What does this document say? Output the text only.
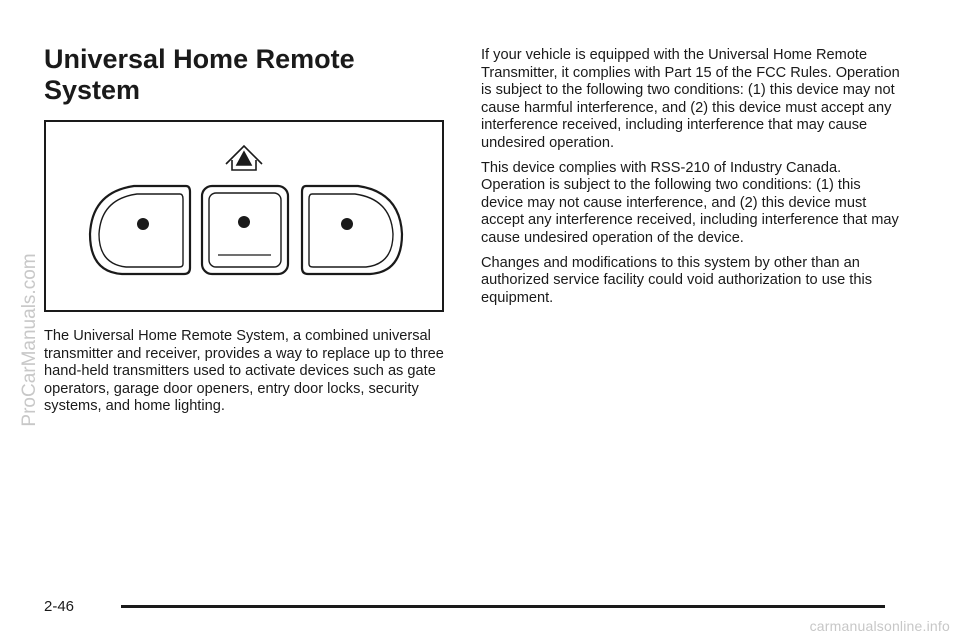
Universal Home Remote System

The Universal Home Remote System, a combined universal transmitter and receiver, provides a way to replace up to three hand-held transmitters used to activate devices such as gate operators, garage door openers, entry door locks, security systems, and home lighting.

If your vehicle is equipped with the Universal Home Remote Transmitter, it complies with Part 15 of the FCC Rules. Operation is subject to the following two conditions: (1) this device may not cause harmful interference, and (2) this device must accept any interference received, including interference that may cause undesired operation.

This device complies with RSS-210 of Industry Canada. Operation is subject to the following two conditions: (1) this device may not cause interference, and (2) this device must accept any interference received, including interference that may cause undesired operation of the device.

Changes and modifications to this system by other than an authorized service facility could void authorization to use this equipment.

2-46
carmanualsonline.info
ProCarManuals.com
